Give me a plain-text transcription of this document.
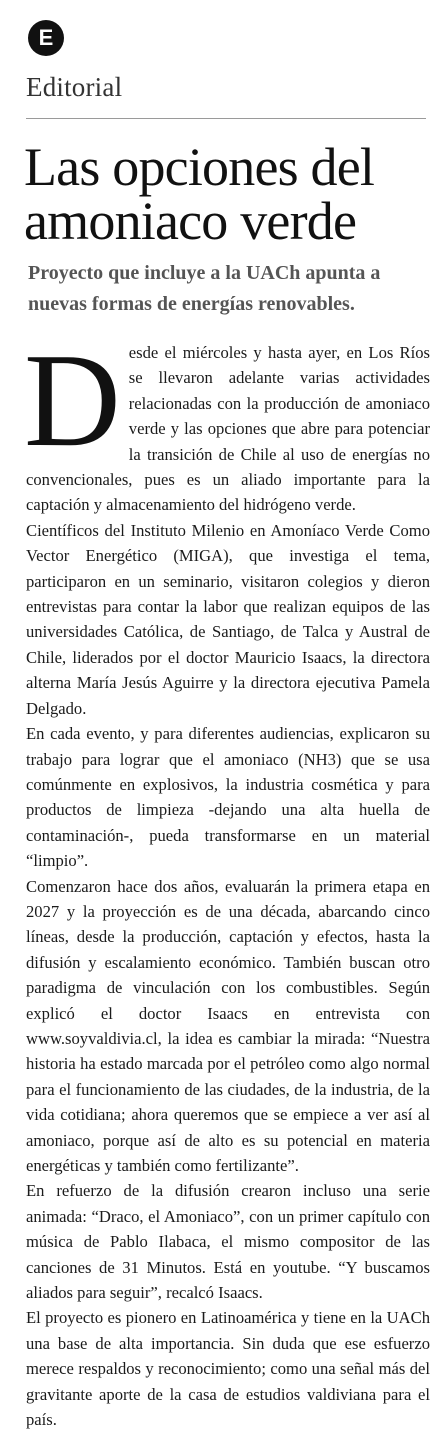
E
Editorial
Las opciones del amoniaco verde
Proyecto que incluye a la UACh apunta a nuevas formas de energías renovables.

Desde el miércoles y hasta ayer, en Los Ríos se llevaron adelante varias actividades relacionadas con la producción de amoniaco verde y las opciones que abre para potenciar la transición de Chile al uso de energías no convencionales, pues es un aliado importante para la captación y almacenamiento del hidrógeno verde.

Científicos del Instituto Milenio en Amoníaco Verde Como Vector Energético (MIGA), que investiga el tema, participaron en un seminario, visitaron colegios y dieron entrevistas para contar la labor que realizan equipos de las universidades Católica, de Santiago, de Talca y Austral de Chile, liderados por el doctor Mauricio Isaacs, la directora alterna María Jesús Aguirre y la directora ejecutiva Pamela Delgado.

En cada evento, y para diferentes audiencias, explicaron su trabajo para lograr que el amoniaco (NH3) que se usa comúnmente en explosivos, la industria cosmética y para productos de limpieza -dejando una alta huella de contaminación-, pueda transformarse en un material “limpio”.

Comenzaron hace dos años, evaluarán la primera etapa en 2027 y la proyección es de una década, abarcando cinco líneas, desde la producción, captación y efectos, hasta la difusión y escalamiento económico. También buscan otro paradigma de vinculación con los combustibles. Según explicó el doctor Isaacs en entrevista con www.soyvaldivia.cl, la idea es cambiar la mirada: “Nuestra historia ha estado marcada por el petróleo como algo normal para el funcionamiento de las ciudades, de la industria, de la vida cotidiana; ahora queremos que se empiece a ver así al amoniaco, porque así de alto es su potencial en materia energéticas y también como fertilizante”.

En refuerzo de la difusión crearon incluso una serie animada: “Draco, el Amoniaco”, con un primer capítulo con música de Pablo Ilabaca, el mismo compositor de las canciones de 31 Minutos. Está en youtube. “Y buscamos aliados para seguir”, recalcó Isaacs.

El proyecto es pionero en Latinoamérica y tiene en la UACh una base de alta importancia. Sin duda que ese esfuerzo merece respaldos y reconocimiento; como una señal más del gravitante aporte de la casa de estudios valdiviana para el país.
